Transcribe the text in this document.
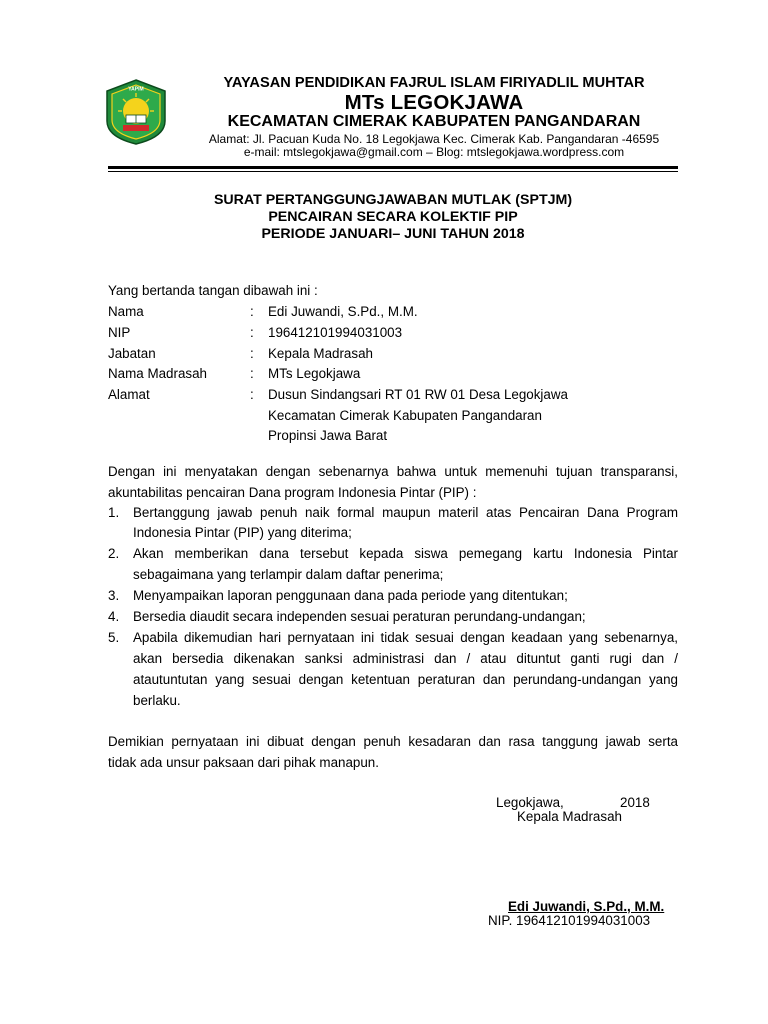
YAPIM	YAYASAN PENDIDIKAN FAJRUL ISLAM FIRIYADLIL MUHTAR
MTs LEGOKJAWA
KECAMATAN CIMERAK KABUPATEN PANGANDARAN
Alamat: Jl. Pacuan Kuda No. 18 Legokjawa Kec. Cimerak Kab. Pangandaran -46595
e-mail: mtslegokjawa@gmail.com – Blog: mtslegokjawa.wordpress.com
SURAT PERTANGGUNGJAWABAN MUTLAK (SPTJM)
PENCAIRAN SECARA KOLEKTIF PIP
PERIODE JANUARI– JUNI TAHUN 2018
Yang bertanda tangan dibawah ini :
Nama	: Edi Juwandi, S.Pd., M.M.
NIP	: 196412101994031003
Jabatan	: Kepala Madrasah
Nama Madrasah	: MTs Legokjawa
Alamat	: Dusun Sindangsari RT 01 RW 01 Desa Legokjawa
Kecamatan Cimerak Kabupaten Pangandaran
Propinsi Jawa Barat
Dengan ini menyatakan dengan sebenarnya bahwa untuk memenuhi tujuan transparansi,
akuntabilitas pencairan Dana program Indonesia Pintar (PIP) :
1. Bertanggung jawab penuh naik formal maupun materil atas Pencairan Dana Program
Indonesia Pintar (PIP) yang diterima;
2. Akan memberikan dana tersebut kepada siswa pemegang kartu Indonesia Pintar
sebagaimana yang terlampir dalam daftar penerima;
3. Menyampaikan laporan penggunaan dana pada periode yang ditentukan;
4. Bersedia diaudit secara independen sesuai peraturan perundang-undangan;
5. Apabila dikemudian hari pernyataan ini tidak sesuai dengan keadaan yang sebenarnya,
akan bersedia dikenakan sanksi administrasi dan / atau dituntut ganti rugi dan /
atautuntutan yang sesuai dengan ketentuan peraturan dan perundang-undangan yang
berlaku.
Demikian pernyataan ini dibuat dengan penuh kesadaran dan rasa tanggung jawab serta
tidak ada unsur paksaan dari pihak manapun.
Legokjawa,	2018
Kepala Madrasah
Edi Juwandi, S.Pd., M.M.
NIP. 196412101994031003
